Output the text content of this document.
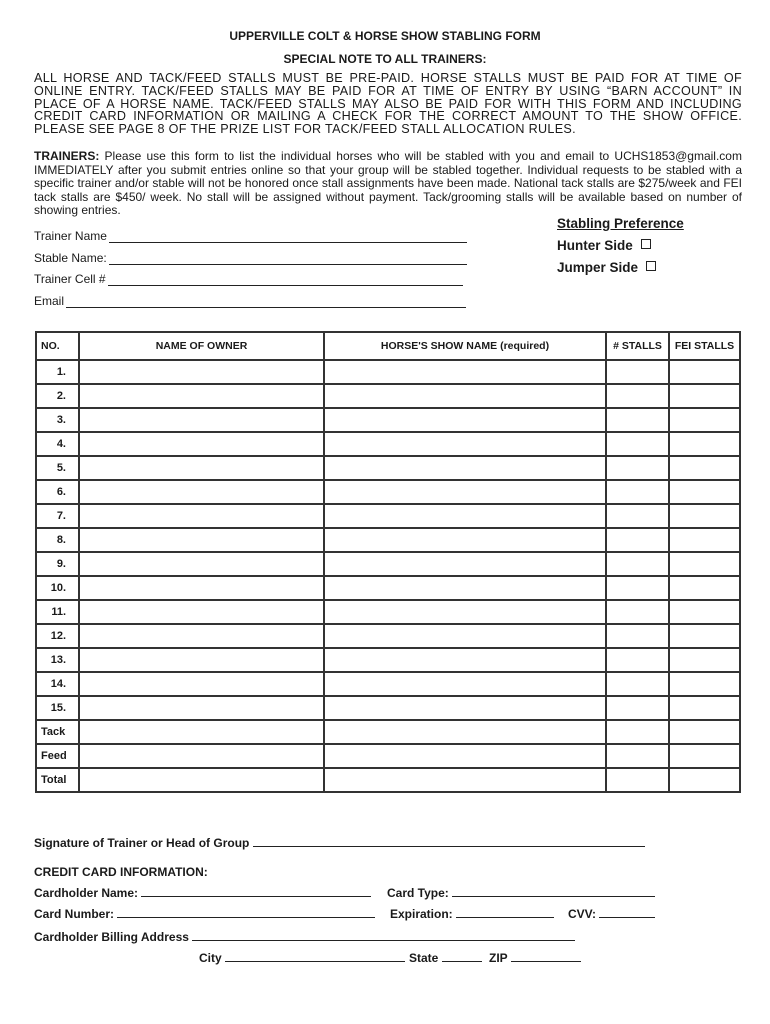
UPPERVILLE COLT & HORSE SHOW STABLING FORM
SPECIAL NOTE TO ALL TRAINERS:
ALL HORSE AND TACK/FEED STALLS MUST BE PRE-PAID. HORSE STALLS MUST BE PAID FOR AT TIME OF ONLINE ENTRY. TACK/FEED STALLS MAY BE PAID FOR AT TIME OF ENTRY BY USING “BARN ACCOUNT” IN PLACE OF A HORSE NAME. TACK/FEED STALLS MAY ALSO BE PAID FOR WITH THIS FORM AND INCLUDING CREDIT CARD INFORMATION OR MAILING A CHECK FOR THE CORRECT AMOUNT TO THE SHOW OFFICE. PLEASE SEE PAGE 8 OF THE PRIZE LIST FOR TACK/FEED STALL ALLOCATION RULES.
TRAINERS: Please use this form to list the individual horses who will be stabled with you and email to UCHS1853@gmail.com IMMEDIATELY after you submit entries online so that your group will be stabled together. Individual requests to be stabled with a specific trainer and/or stable will not be honored once stall assignments have been made. National tack stalls are $275/week and FEI tack stalls are $450/ week. No stall will be assigned without payment. Tack/grooming stalls will be available based on number of showing entries.
Trainer Name
Stable Name:
Trainer Cell #
Email
Stabling Preference
Hunter Side
Jumper Side
NO.	NAME OF OWNER	HORSE'S SHOW NAME (required)	# STALLS	FEI STALLS
1.				
2.				
3.				
4.				
5.				
6.				
7.				
8.				
9.				
10.				
11.				
12.				
13.				
14.				
15.				
Tack				
Feed				
Total				
Signature of Trainer or Head of Group
CREDIT CARD INFORMATION:
Cardholder Name:	Card Type:
Card Number:	Expiration:	CVV:
Cardholder Billing Address
City	State	ZIP
